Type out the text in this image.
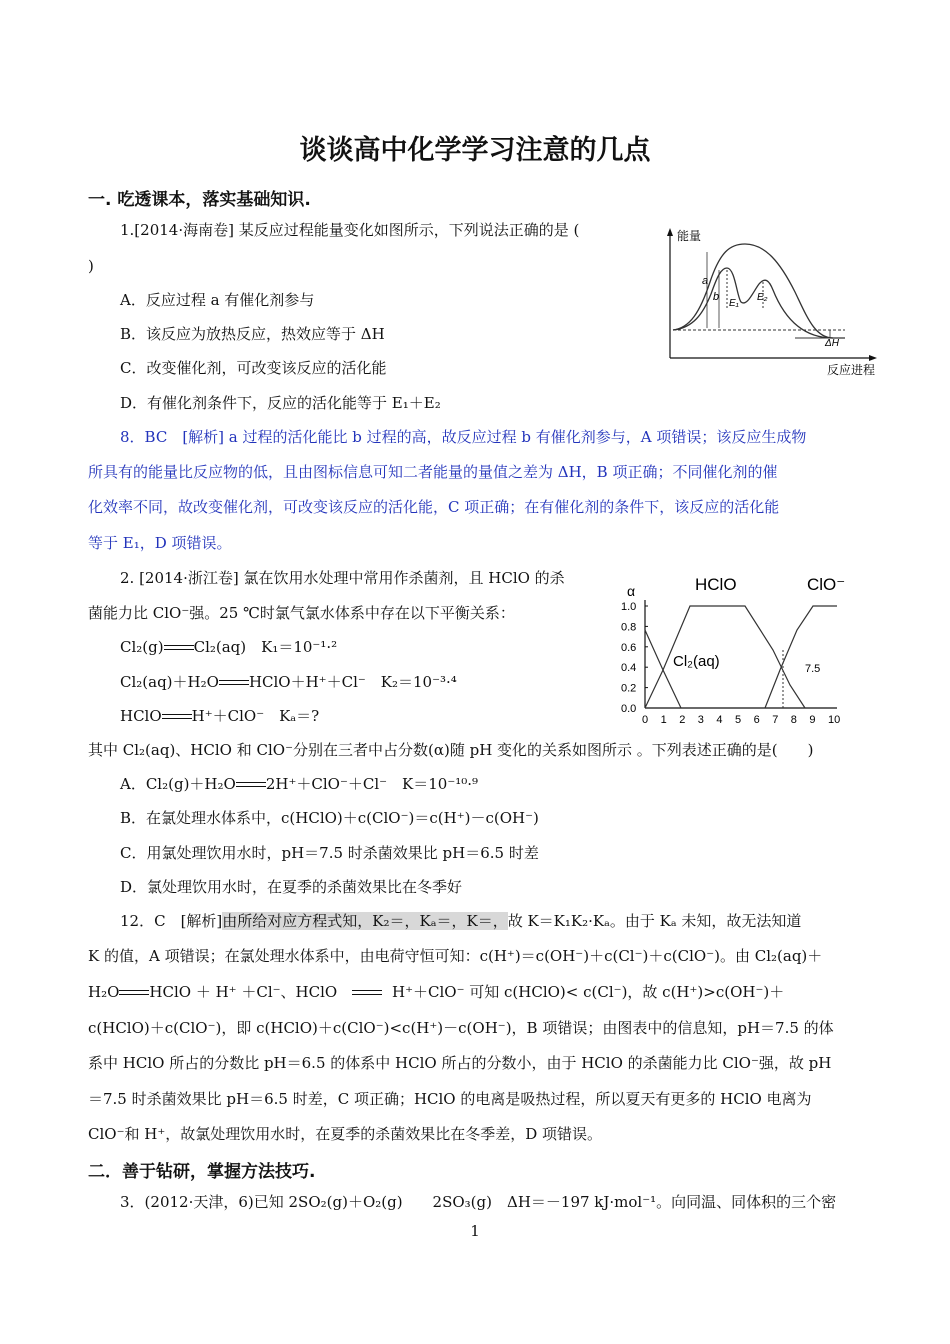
谈谈高中化学学习注意的几点
一. 吃透课本，落实基础知识.
1.[2014·海南卷] 某反应过程能量变化如图所示，下列说法正确的是 (
)
A．反应过程 a 有催化剂参与
B．该反应为放热反应，热效应等于 ΔH
C．改变催化剂，可改变该反应的活化能
D．有催化剂条件下，反应的活化能等于 E₁＋E₂
能量
反应进程
a
b
E₁
E₂
ΔH
8．BC　[解析] a 过程的活化能比 b 过程的高，故反应过程 b 有催化剂参与，A 项错误；该反应生成物
所具有的能量比反应物的低，且由图标信息可知二者能量的量值之差为 ΔH，B 项正确；不同催化剂的催
化效率不同，故改变催化剂，可改变该反应的活化能，C 项正确；在有催化剂的条件下，该反应的活化能
等于 E₁，D 项错误。
2. [2014·浙江卷] 氯在饮用水处理中常用作杀菌剂，且 HClO 的杀
菌能力比 ClO⁻强。25 ℃时氯气氯水体系中存在以下平衡关系：
Cl₂(g) Cl₂(aq)　K₁＝10⁻¹·²
Cl₂(aq)＋H₂O HClO＋H⁺＋Cl⁻　K₂＝10⁻³·⁴
HClO H⁺＋ClO⁻　Kₐ＝?
其中 Cl₂(aq)、HClO 和 ClO⁻分别在三者中占分数(α)随 pH 变化的关系如图所示 。下列表述正确的是(　　)
A．Cl₂(g)＋H₂O 2H⁺＋ClO⁻＋Cl⁻　K＝10⁻¹⁰·⁹
B．在氯处理水体系中，c(HClO)＋c(ClO⁻)＝c(H⁺)－c(OH⁻)
C．用氯处理饮用水时，pH＝7.5 时杀菌效果比 pH＝6.5 时差
D．氯处理饮用水时，在夏季的杀菌效果比在冬季好
α	HClO	ClO⁻
1.0
0.8
0.6
0.4
0.2
0.0
0 1 2 3 4 5 6 7 8 9 10
Cl₂(aq)	7.5
12．C　[解析]由所给对应方程式知，K₂＝，Kₐ＝，K＝，故 K＝K₁K₂·Kₐ。由于 Kₐ 未知，故无法知道
K 的值，A 项错误；在氯处理水体系中，由电荷守恒可知：c(H⁺)＝c(OH⁻)＋c(Cl⁻)＋c(ClO⁻)。由 Cl₂(aq)＋
H₂O HClO ＋ H⁺ ＋Cl⁻、HClO	H⁺＋ClO⁻ 可知 c(HClO)< c(Cl⁻)，故 c(H⁺)>c(OH⁻)＋
c(HClO)＋c(ClO⁻)，即 c(HClO)＋c(ClO⁻)<c(H⁺)－c(OH⁻)，B 项错误；由图表中的信息知，pH＝7.5 的体
系中 HClO 所占的分数比 pH＝6.5 的体系中 HClO 所占的分数小，由于 HClO 的杀菌能力比 ClO⁻强，故 pH
＝7.5 时杀菌效果比 pH＝6.5 时差，C 项正确；HClO 的电离是吸热过程，所以夏天有更多的 HClO 电离为
ClO⁻和 H⁺，故氯处理饮用水时，在夏季的杀菌效果比在冬季差，D 项错误。
二．善于钻研，掌握方法技巧.
3．(2012·天津，6)已知 2SO₂(g)＋O₂(g)　　2SO₃(g)　ΔH＝－197 kJ·mol⁻¹。向同温、同体积的三个密
1
